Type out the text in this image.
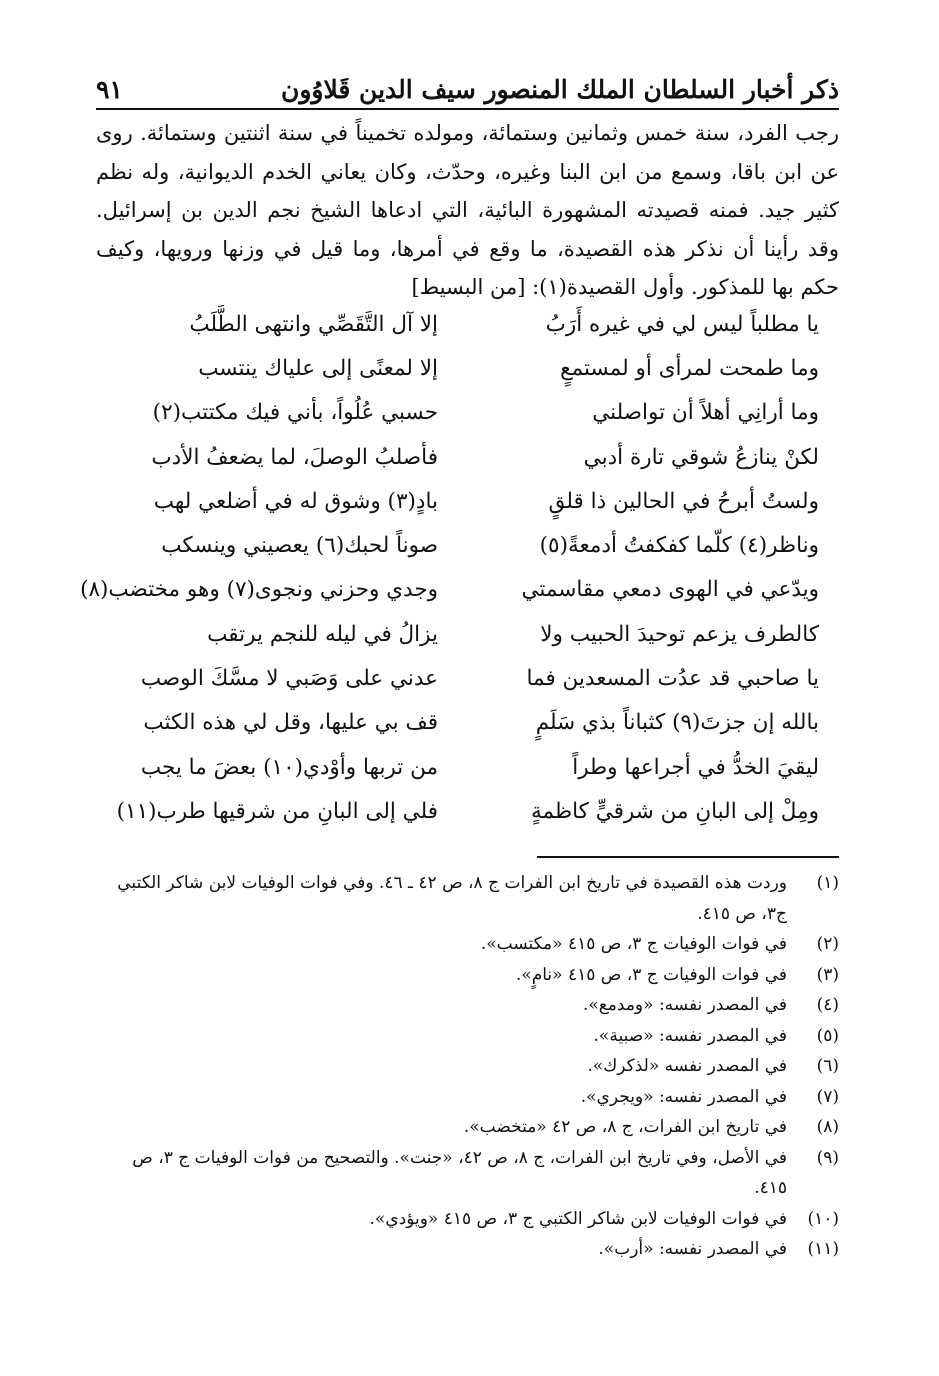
ذكر أخبار السلطان الملك المنصور سيف الدين قَلاوُون
٩١

رجب الفرد، سنة خمس وثمانين وستمائة، ومولده تخميناً في سنة اثنتين وستمائة. روى عن ابن باقا، وسمع من ابن البنا وغيره، وحدّث، وكان يعاني الخدم الديوانية، وله نظم كثير جيد. فمنه قصيدته المشهورة البائية، التي ادعاها الشيخ نجم الدين بن إسرائيل. وقد رأينا أن نذكر هذه القصيدة، ما وقع في أمرها، وما قيل في وزنها ورويها، وكيف حكم بها للمذكور. وأول القصيدة(١): [من البسيط]

يا مطلباً ليس لي في غيره أَرَبُ
إلا آل التَّقَصِّي وانتهى الطَّلَبُ
وما طمحت لمرأى أو لمستمعٍ
إلا لمعنًى إلى علياك ينتسب
وما أرانِي أهلاً أن تواصلني
حسبي عُلُواً، بأني فيك مكتتب(٢)
لكنْ ينازعُ شوقي تارة أدبي
فأصلبُ الوصلَ، لما يضعفُ الأدب
ولستُ أبرحُ في الحالين ذا قلقٍ
بادٍ(٣) وشوق له في أضلعي لهب
وناظر(٤) كلّما كفكفتُ أدمعةً(٥)
صوناً لحبك(٦) يعصيني وينسكب
ويدّعي في الهوى دمعي مقاسمتي
وجدي وحزني ونجوى(٧) وهو مختضب(٨)
كالطرف يزعم توحيدَ الحبيب ولا
يزالُ في ليله للنجم يرتقب
يا صاحبي قد عدُت المسعدين فما
عدني على وَصَبي لا مسَّكَ الوصب
بالله إن جزتَ(٩) كثباناً بذي سَلَمٍ
قف بي عليها، وقل لي هذه الكثب
ليقيَ الخدُّ في أجراعها وطراً
من تربها وأوْدي(١٠) بعضَ ما يجب
ومِلْ إلى البانِ من شرقيٍّ كاظمةٍ
فلي إلى البانِ من شرقيها طرب(١١)
(١)
وردت هذه القصيدة في تاريخ ابن الفرات ج ٨، ص ٤٢ ـ ٤٦. وفي فوات الوفيات لابن شاكر الكتبي ج٣، ص ٤١٥.
(٢)
في فوات الوفيات ج ٣، ص ٤١٥ «مكتسب».
(٣)
في فوات الوفيات ج ٣، ص ٤١٥ «نامٍ».
(٤)
في المصدر نفسه: «ومدمع».
(٥)
في المصدر نفسه: «صبية».
(٦)
في المصدر نفسه «لذكرك».
(٧)
في المصدر نفسه: «ويجري».
(٨)
في تاريخ ابن الفرات، ج ٨، ص ٤٢ «متخضب».
(٩)
في الأصل، وفي تاريخ ابن الفرات، ج ٨، ص ٤٢، «جنت». والتصحيح من فوات الوفيات ج ٣، ص ٤١٥.
(١٠)
في فوات الوفيات لابن شاكر الكتبي ج ٣، ص ٤١٥ «ويؤدي».
(١١)
في المصدر نفسه: «أرب».
